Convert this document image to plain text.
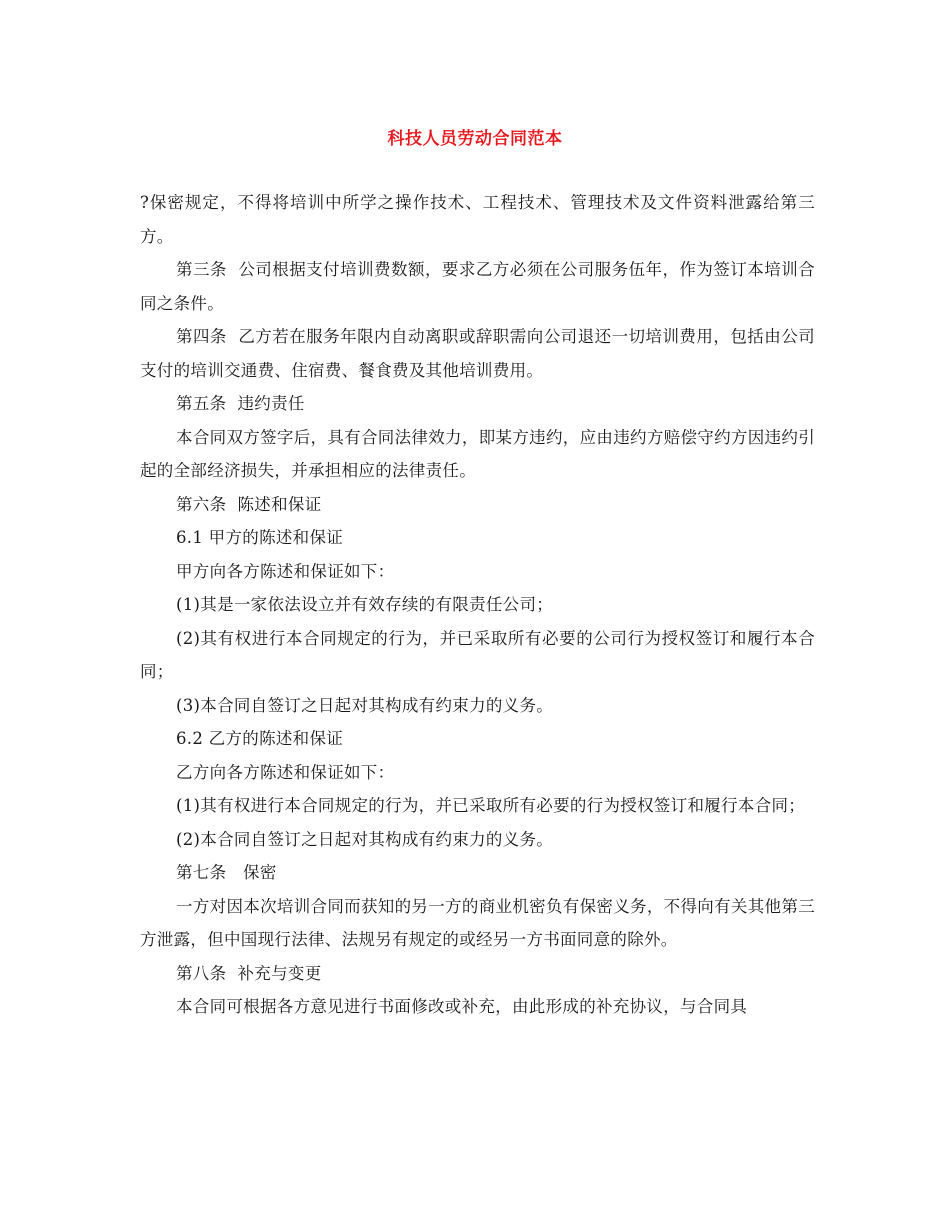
科技人员劳动合同范本

?保密规定，不得将培训中所学之操作技术、工程技术、管理技术及文件资料泄露给第三方。

第三条  公司根据支付培训费数额，要求乙方必须在公司服务伍年，作为签订本培训合同之条件。

第四条  乙方若在服务年限内自动离职或辞职需向公司退还一切培训费用，包括由公司支付的培训交通费、住宿费、餐食费及其他培训费用。

第五条  违约责任

本合同双方签字后，具有合同法律效力，即某方违约，应由违约方赔偿守约方因违约引起的全部经济损失，并承担相应的法律责任。

第六条  陈述和保证

6.1 甲方的陈述和保证

甲方向各方陈述和保证如下：

(1)其是一家依法设立并有效存续的有限责任公司；

(2)其有权进行本合同规定的行为，并已采取所有必要的公司行为授权签订和履行本合同；

(3)本合同自签订之日起对其构成有约束力的义务。

6.2 乙方的陈述和保证

乙方向各方陈述和保证如下：

(1)其有权进行本合同规定的行为，并已采取所有必要的行为授权签订和履行本合同；

(2)本合同自签订之日起对其构成有约束力的义务。

第七条   保密

一方对因本次培训合同而获知的另一方的商业机密负有保密义务，不得向有关其他第三方泄露，但中国现行法律、法规另有规定的或经另一方书面同意的除外。

第八条  补充与变更

本合同可根据各方意见进行书面修改或补充，由此形成的补充协议，与合同具
